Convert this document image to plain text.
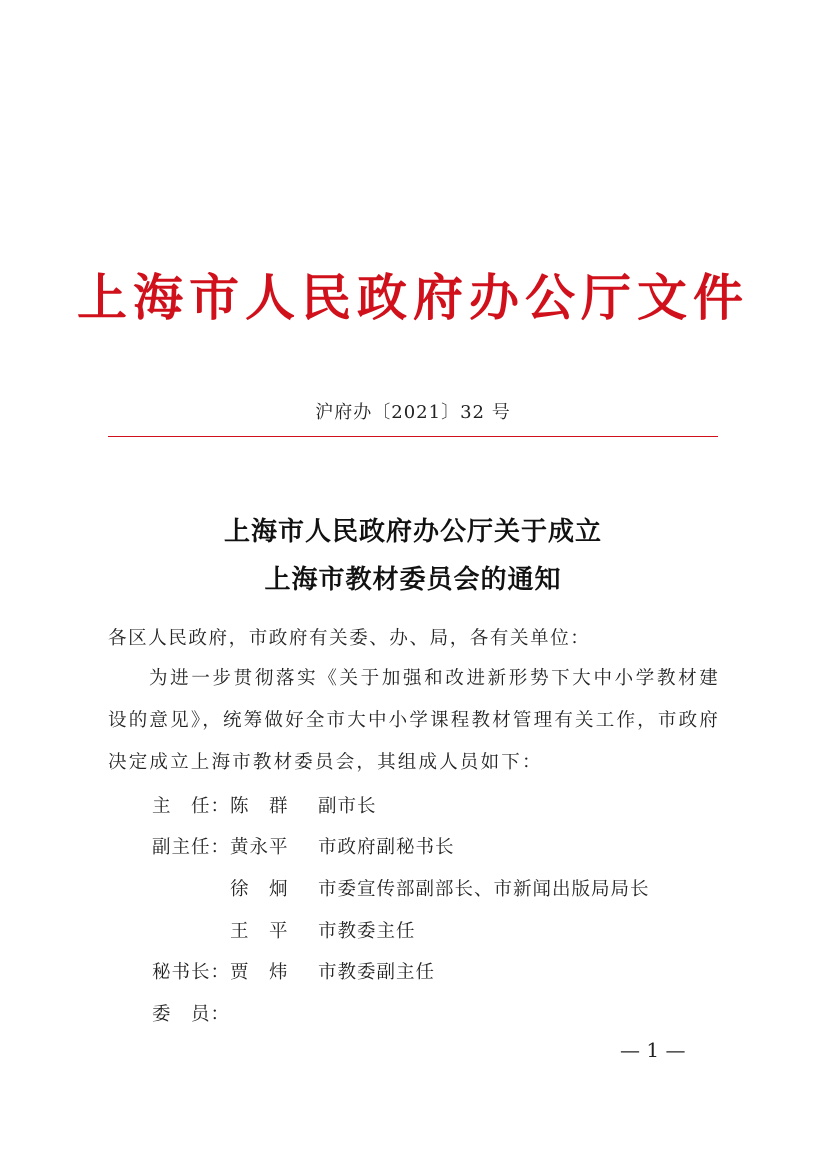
上海市人民政府办公厅文件
沪府办〔2021〕32 号
上海市人民政府办公厅关于成立
上海市教材委员会的通知
各区人民政府，市政府有关委、办、局，各有关单位：
为进一步贯彻落实《关于加强和改进新形势下大中小学教材建设的意见》，统筹做好全市大中小学课程教材管理有关工作，市政府决定成立上海市教材委员会，其组成人员如下：
主　任： 陈　群 副市长
副主任： 黄永平 市政府副秘书长
徐　炯 市委宣传部副部长、市新闻出版局局长
王　平 市教委主任
秘书长： 贾　炜 市教委副主任
委　员：
— 1 —
